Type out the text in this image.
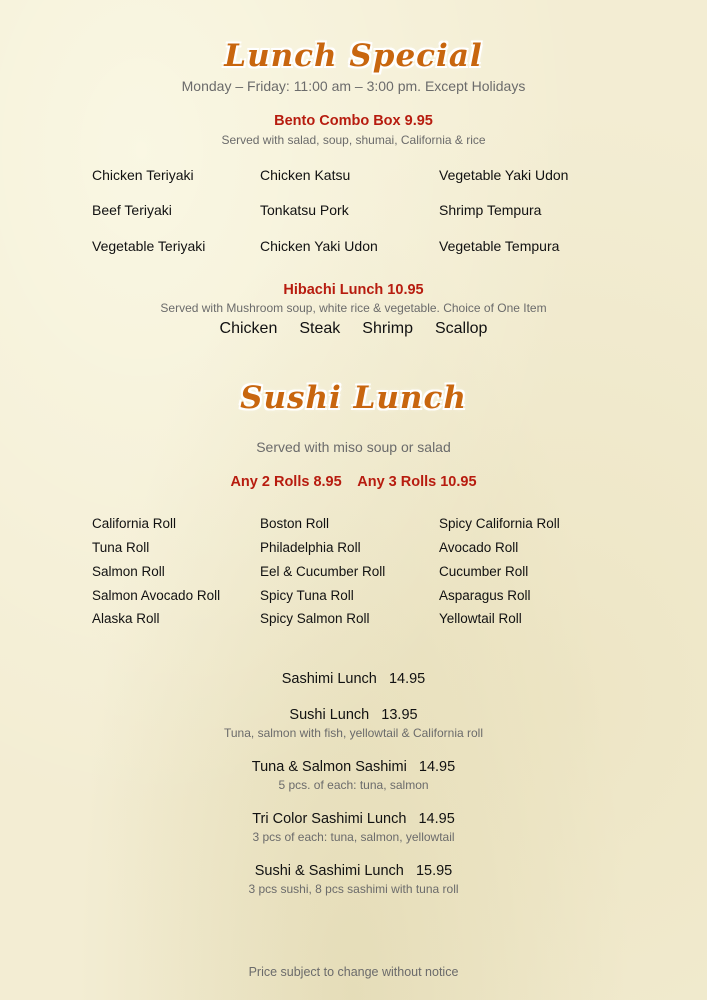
Lunch Special
Monday – Friday: 11:00 am – 3:00 pm. Except Holidays
Bento Combo Box 9.95
Served with salad, soup, shumai, California & rice
Chicken Teriyaki	Chicken Katsu	Vegetable Yaki Udon
Beef Teriyaki	Tonkatsu Pork	Shrimp Tempura
Vegetable Teriyaki	Chicken Yaki Udon	Vegetable Tempura
Hibachi Lunch 10.95
Served with Mushroom soup, white rice & vegetable. Choice of One Item
Chicken Steak Shrimp Scallop
Sushi Lunch
Served with miso soup or salad
Any 2 Rolls 8.95    Any 3 Rolls 10.95
California Roll	Boston Roll	Spicy California Roll
Tuna Roll	Philadelphia Roll	Avocado Roll
Salmon Roll	Eel & Cucumber Roll	Cucumber Roll
Salmon Avocado Roll	Spicy Tuna Roll	Asparagus Roll
Alaska Roll	Spicy Salmon Roll	Yellowtail Roll
Sashimi Lunch   14.95
Sushi Lunch   13.95
Tuna, salmon with fish, yellowtail & California roll
Tuna & Salmon Sashimi   14.95
5 pcs. of each: tuna, salmon
Tri Color Sashimi Lunch   14.95
3 pcs of each: tuna, salmon, yellowtail
Sushi & Sashimi Lunch   15.95
3 pcs sushi, 8 pcs sashimi with tuna roll
Price subject to change without notice
